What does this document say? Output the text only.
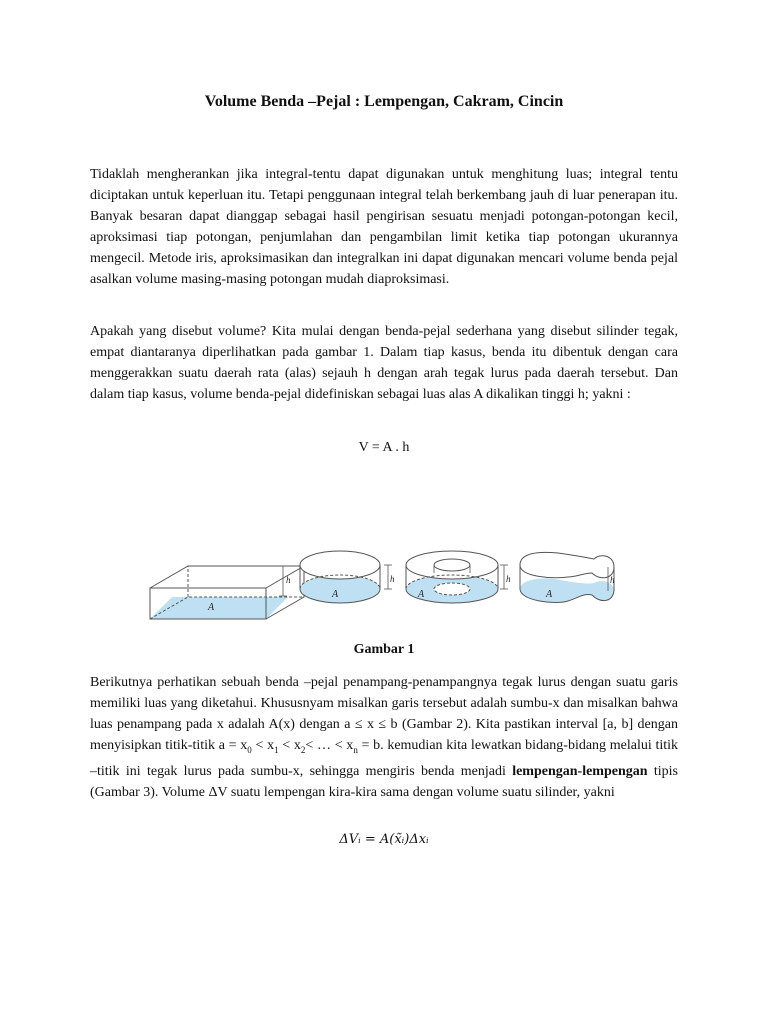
Volume Benda –Pejal : Lempengan, Cakram, Cincin

Tidaklah mengherankan jika integral-tentu dapat digunakan untuk menghitung luas; integral tentu diciptakan untuk keperluan itu. Tetapi penggunaan integral telah berkembang jauh di luar penerapan itu. Banyak besaran dapat dianggap sebagai hasil pengirisan sesuatu menjadi potongan-potongan kecil, aproksimasi tiap potongan, penjumlahan dan pengambilan limit ketika tiap potongan ukurannya mengecil. Metode iris, aproksimasikan dan integralkan ini dapat digunakan mencari volume benda pejal asalkan volume masing-masing potongan mudah diaproksimasi.

Apakah yang disebut volume? Kita mulai dengan benda-pejal sederhana yang disebut silinder tegak, empat diantaranya diperlihatkan pada gambar 1. Dalam tiap kasus, benda itu dibentuk dengan cara menggerakkan suatu daerah rata (alas) sejauh h dengan arah tegak lurus pada daerah tersebut. Dan dalam tiap kasus, volume benda-pejal didefiniskan sebagai luas alas A dikalikan tinggi h; yakni :

V = A . h

A
h
A
h
A
h
A
h

Gambar 1

Berikutnya perhatikan sebuah benda –pejal penampang-penampangnya tegak lurus dengan suatu garis memiliki luas yang diketahui. Khususnyam misalkan garis tersebut adalah sumbu-x dan misalkan bahwa luas penampang pada x adalah A(x) dengan a ≤ x ≤ b (Gambar 2). Kita pastikan interval [a, b] dengan menyisipkan titik-titik $a = x_0 < x_1 < x_2<$ … < $x_n = b$. kemudian kita lewatkan bidang-bidang melalui titik –titik ini tegak lurus pada sumbu-x, sehingga mengiris benda menjadi lempengan-lempengan tipis (Gambar 3). Volume ΔV suatu lempengan kira-kira sama dengan volume suatu silinder, yakni

ΔVᵢ = A(x̃ᵢ)Δxᵢ
